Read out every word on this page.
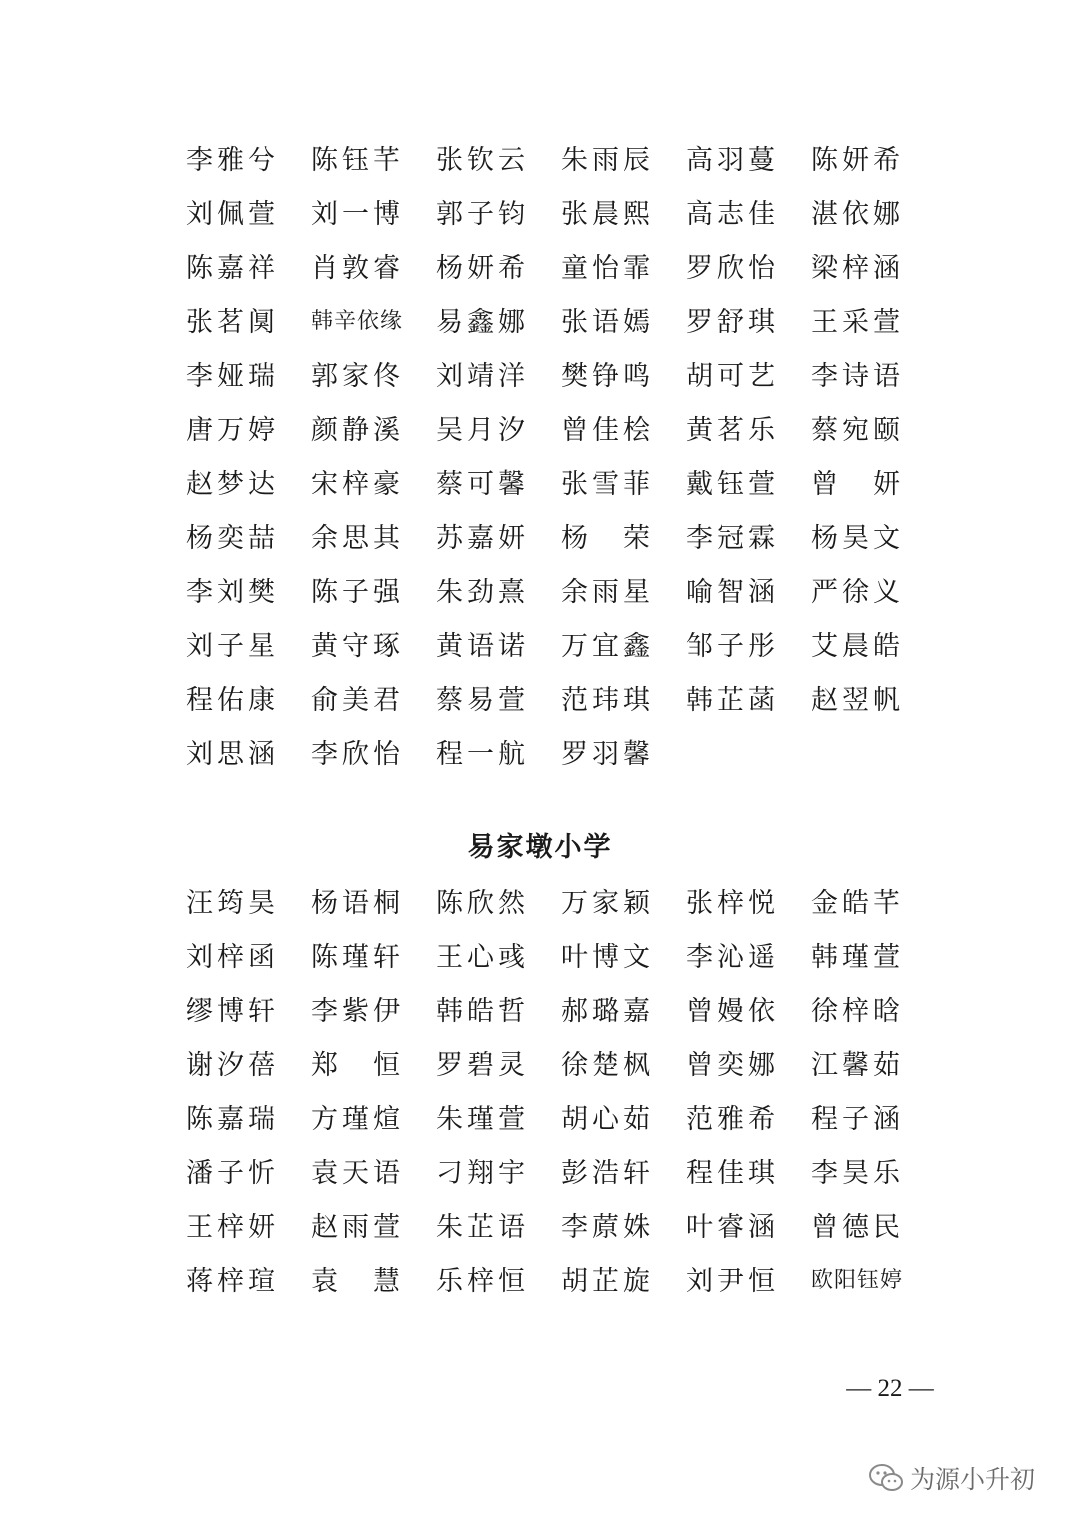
李雅兮	陈钰芊	张钦云	朱雨辰	高羽蔓	陈妍希
刘佩萱	刘一博	郭子钧	张晨熙	高志佳	湛依娜
陈嘉祥	肖敦睿	杨妍希	童怡霏	罗欣怡	梁梓涵
张茗阒	韩辛依缘	易鑫娜	张语嫣	罗舒琪	王采萱
李娅瑞	郭家佟	刘靖洋	樊铮鸣	胡可艺	李诗语
唐万婷	颜静溪	吴月汐	曾佳桧	黄茗乐	蔡宛颐
赵梦达	宋梓豪	蔡可馨	张雪菲	戴钰萱	曾　妍
杨奕喆	余思其	苏嘉妍	杨　荣	李冠霖	杨昊文
李刘樊	陈子强	朱劲熹	余雨星	喻智涵	严徐义
刘子星	黄守琢	黄语诺	万宜鑫	邹子彤	艾晨皓
程佑康	俞美君	蔡易萱	范玮琪	韩芷菡	赵翌帆
刘思涵	李欣怡	程一航	罗羽馨
易家墩小学
汪筠昊	杨语桐	陈欣然	万家颖	张梓悦	金皓芊
刘梓函	陈瑾轩	王心彧	叶博文	李沁遥	韩瑾萱
缪博轩	李紫伊	韩皓哲	郝璐嘉	曾嫚依	徐梓晗
谢汐蓓	郑　恒	罗碧灵	徐楚枫	曾奕娜	江馨茹
陈嘉瑞	方瑾煊	朱瑾萱	胡心茹	范雅希	程子涵
潘子忻	袁天语	刁翔宇	彭浩轩	程佳琪	李昊乐
王梓妍	赵雨萱	朱芷语	李蒝姝	叶睿涵	曾德民
蒋梓瑄	袁　慧	乐梓恒	胡芷旋	刘尹恒	欧阳钰婷
— 22 —
为源小升初
